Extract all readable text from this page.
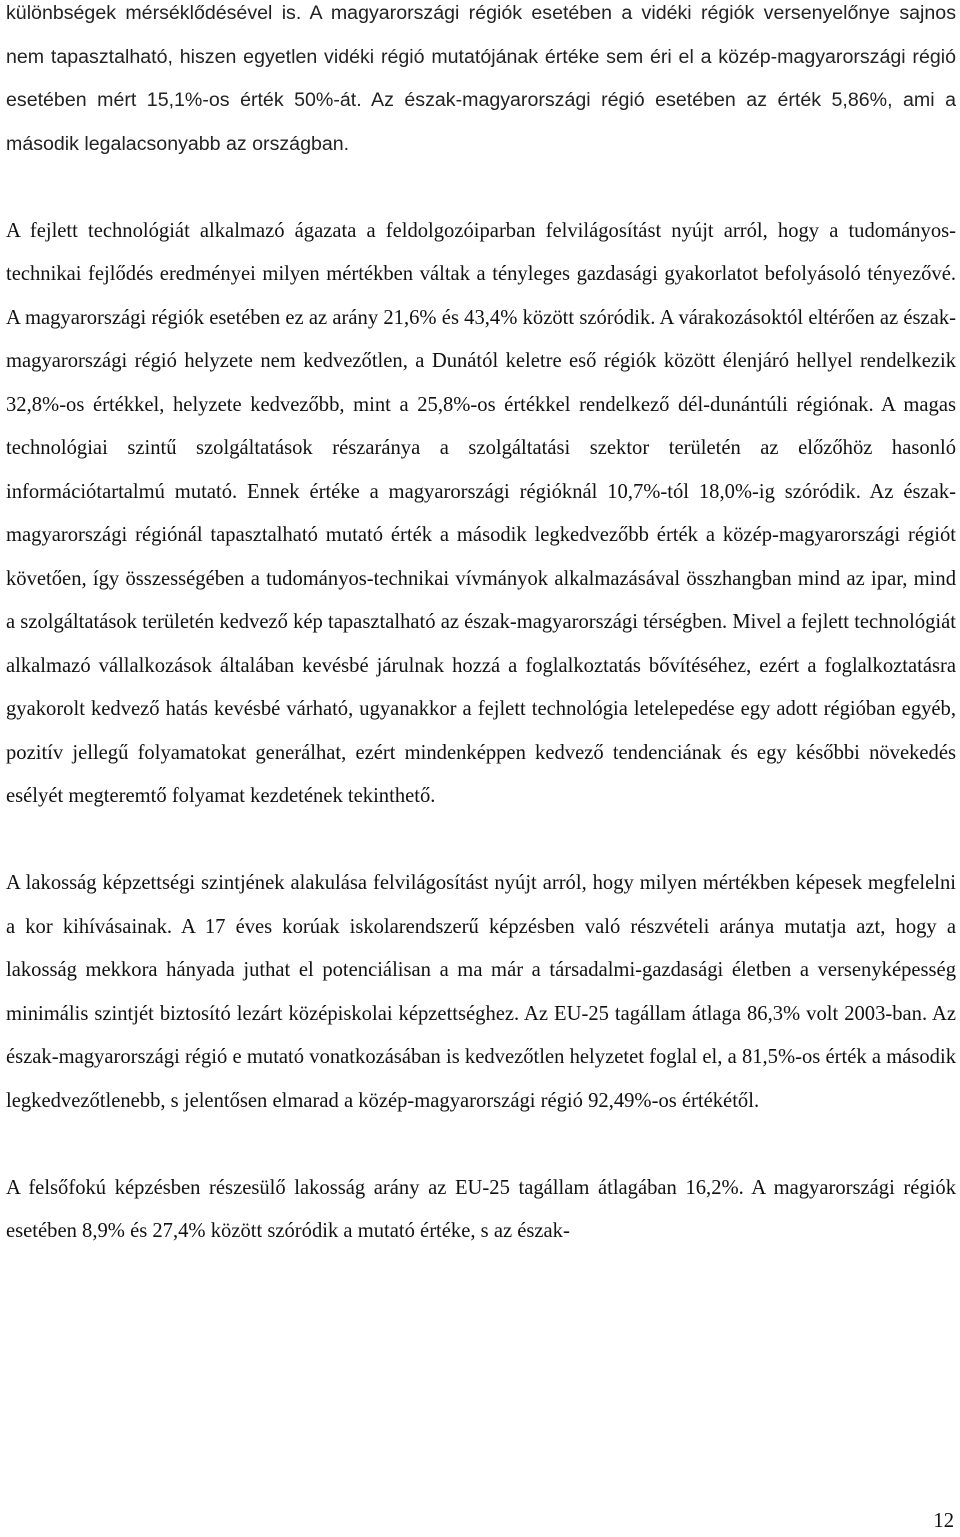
különbségek mérséklődésével is. A magyarországi régiók esetében a vidéki régiók versenyelőnye sajnos nem tapasztalható, hiszen egyetlen vidéki régió mutatójának értéke sem éri el a közép-magyarországi régió esetében mért 15,1%-os érték 50%-át. Az észak-magyarországi régió esetében az érték 5,86%, ami a második legalacsonyabb az országban.

A fejlett technológiát alkalmazó ágazata a feldolgozóiparban felvilágosítást nyújt arról, hogy a tudományos-technikai fejlődés eredményei milyen mértékben váltak a tényleges gazdasági gyakorlatot befolyásoló tényezővé. A magyarországi régiók esetében ez az arány 21,6% és 43,4% között szóródik. A várakozásoktól eltérően az észak-magyarországi régió helyzete nem kedvezőtlen, a Dunától keletre eső régiók között élenjáró hellyel rendelkezik 32,8%-os értékkel, helyzete kedvezőbb, mint a 25,8%-os értékkel rendelkező dél-dunántúli régiónak. A magas technológiai szintű szolgáltatások részaránya a szolgáltatási szektor területén az előzőhöz hasonló információtartalmú mutató. Ennek értéke a magyarországi régióknál 10,7%-tól 18,0%-ig szóródik. Az észak-magyarországi régiónál tapasztalható mutató érték a második legkedvezőbb érték a közép-magyarországi régiót követően, így összességében a tudományos-technikai vívmányok alkalmazásával összhangban mind az ipar, mind a szolgáltatások területén kedvező kép tapasztalható az észak-magyarországi térségben. Mivel a fejlett technológiát alkalmazó vállalkozások általában kevésbé járulnak hozzá a foglalkoztatás bővítéséhez, ezért a foglalkoztatásra gyakorolt kedvező hatás kevésbé várható, ugyanakkor a fejlett technológia letelepedése egy adott régióban egyéb, pozitív jellegű folyamatokat generálhat, ezért mindenképpen kedvező tendenciának és egy későbbi növekedés esélyét megteremtő folyamat kezdetének tekinthető.

A lakosság képzettségi szintjének alakulása felvilágosítást nyújt arról, hogy milyen mértékben képesek megfelelni a kor kihívásainak. A 17 éves korúak iskolarendszerű képzésben való részvételi aránya mutatja azt, hogy a lakosság mekkora hányada juthat el potenciálisan a ma már a társadalmi-gazdasági életben a versenyképesség minimális szintjét biztosító lezárt középiskolai képzettséghez. Az EU-25 tagállam átlaga 86,3% volt 2003-ban. Az észak-magyarországi régió e mutató vonatkozásában is kedvezőtlen helyzetet foglal el, a 81,5%-os érték a második legkedvezőtlenebb, s jelentősen elmarad a közép-magyarországi régió 92,49%-os értékétől.

A felsőfokú képzésben részesülő lakosság arány az EU-25 tagállam átlagában 16,2%. A magyarországi régiók esetében 8,9% és 27,4% között szóródik a mutató értéke, s az észak-

12
